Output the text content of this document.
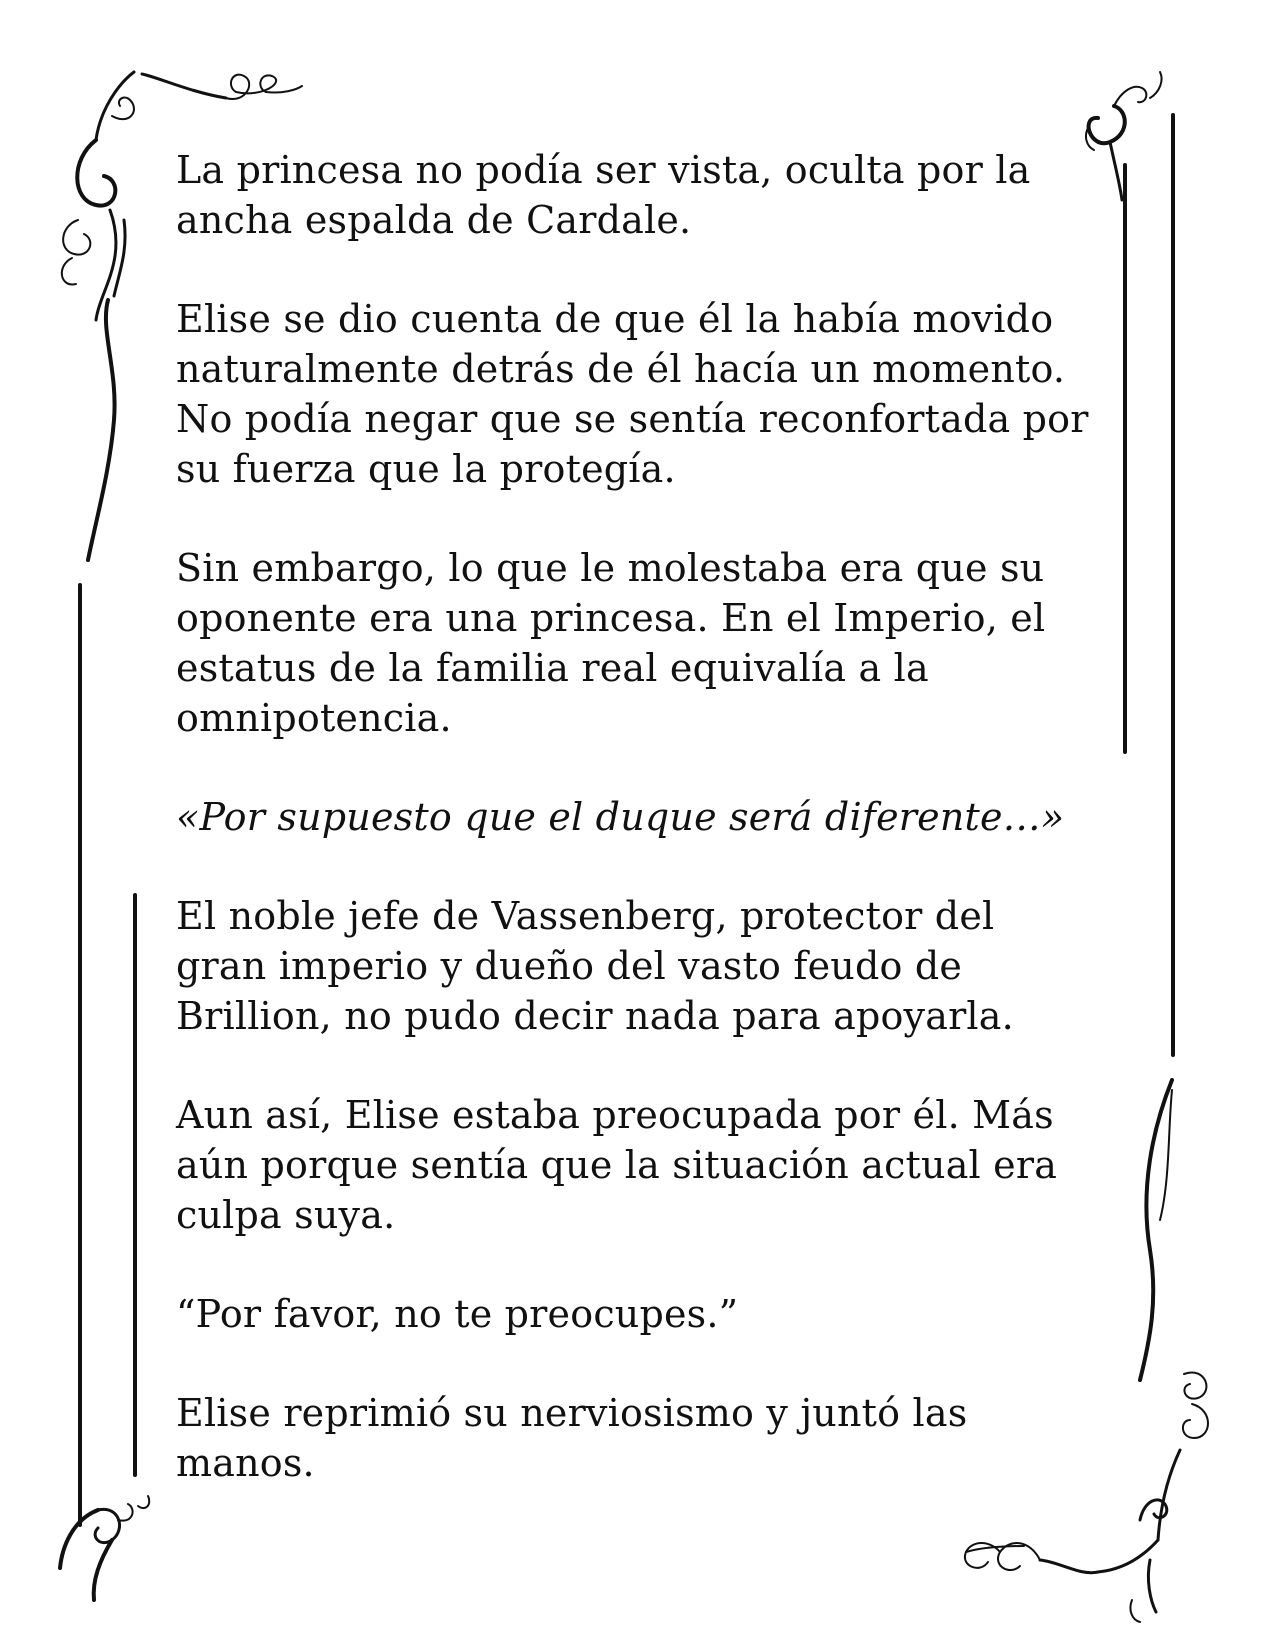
La princesa no podía ser vista, oculta por la ancha espalda de Cardale.

Elise se dio cuenta de que él la había movido naturalmente detrás de él hacía un momento. No podía negar que se sentía reconfortada por su fuerza que la protegía.

Sin embargo, lo que le molestaba era que su oponente era una princesa. En el Imperio, el estatus de la familia real equivalía a la omnipotencia.

«Por supuesto que el duque será diferente…»

El noble jefe de Vassenberg, protector del gran imperio y dueño del vasto feudo de Brillion, no pudo decir nada para apoyarla.

Aun así, Elise estaba preocupada por él. Más aún porque sentía que la situación actual era culpa suya.

“Por favor, no te preocupes.”

Elise reprimió su nerviosismo y juntó las manos.
